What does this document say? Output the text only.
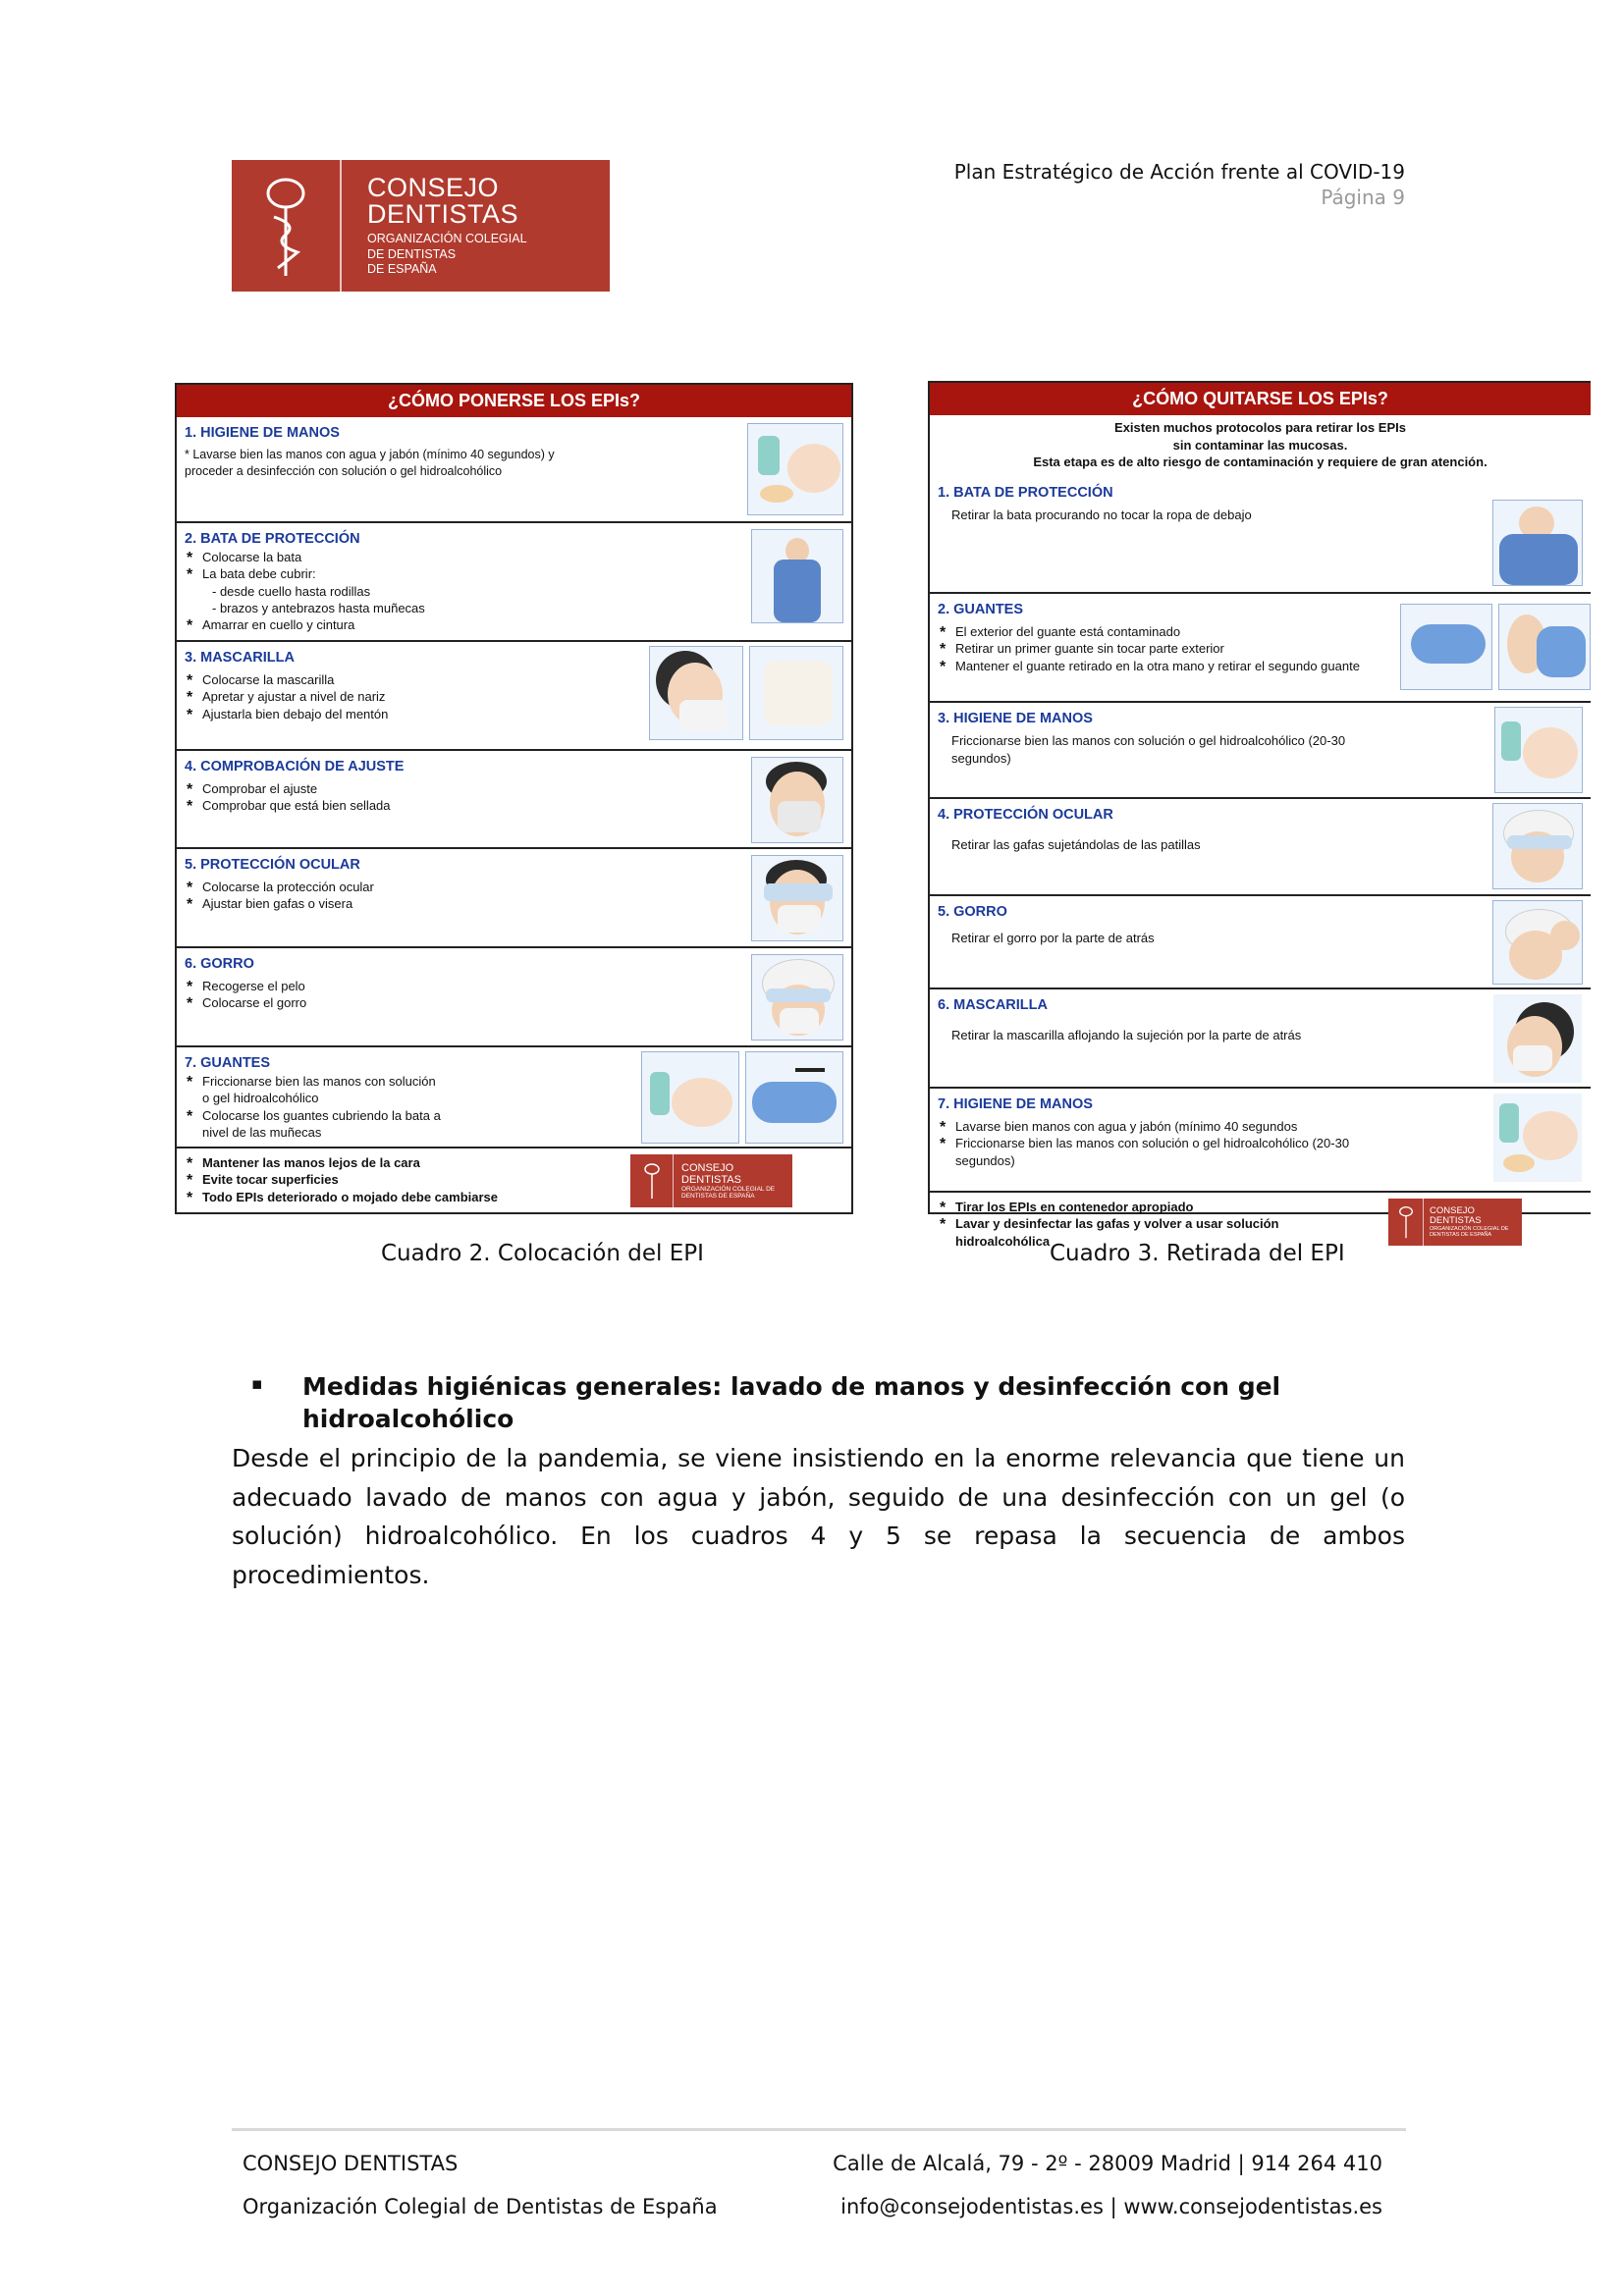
CONSEJO
DENTISTAS
ORGANIZACIÓN COLEGIAL
DE DENTISTAS
DE ESPAÑA
Plan Estratégico de Acción frente al COVID-19
Página 9
¿CÓMO PONERSE LOS EPIs?
1. HIGIENE DE MANOS
* Lavarse bien las manos con agua y jabón (mínimo 40 segundos) y proceder a desinfección con solución o gel hidroalcohólico
2. BATA DE PROTECCIÓN
* Colocarse la bata
* La bata debe cubrir:
- desde cuello hasta rodillas
- brazos y antebrazos hasta muñecas
* Amarrar en cuello y cintura
3. MASCARILLA
* Colocarse la mascarilla
* Apretar y ajustar a nivel de nariz
* Ajustarla bien debajo del mentón
4. COMPROBACIÓN DE AJUSTE
* Comprobar el ajuste
* Comprobar que está bien sellada
5. PROTECCIÓN OCULAR
* Colocarse la protección ocular
* Ajustar bien gafas o visera
6. GORRO
* Recogerse el pelo
* Colocarse el gorro
7. GUANTES
* Friccionarse bien las manos con solución
o gel hidroalcohólico
* Colocarse los guantes cubriendo la bata a
nivel de las muñecas
* Mantener las manos lejos de la cara
* Evite tocar superficies
* Todo EPIs deteriorado o mojado debe cambiarse
CONSEJO
DENTISTAS
ORGANIZACIÓN COLEGIAL DE DENTISTAS DE ESPAÑA
¿CÓMO QUITARSE LOS EPIs?
Existen muchos protocolos para retirar los EPIs
sin contaminar las mucosas.
Esta etapa es de alto riesgo de contaminación y requiere de gran atención.
1. BATA DE PROTECCIÓN
Retirar la bata procurando no tocar la ropa de debajo
2. GUANTES
* El exterior del guante está contaminado
* Retirar un primer guante sin tocar parte exterior
* Mantener el guante retirado en la otra mano y retirar el segundo guante
3. HIGIENE DE MANOS
Friccionarse bien las manos con solución o gel hidroalcohólico (20-30 segundos)
4. PROTECCIÓN OCULAR
Retirar las gafas sujetándolas de las patillas
5. GORRO
Retirar el gorro por la parte de atrás
6. MASCARILLA
Retirar la mascarilla aflojando la sujeción por la parte de atrás
7. HIGIENE DE MANOS
* Lavarse bien manos con agua y jabón (mínimo 40 segundos
* Friccionarse bien las manos con solución o gel hidroalcohólico (20-30 segundos)
* Tirar los EPIs en contenedor apropiado
* Lavar y desinfectar las gafas y volver a usar solución hidroalcohólica
CONSEJO
DENTISTAS
ORGANIZACIÓN COLEGIAL DE DENTISTAS DE ESPAÑA
Cuadro 2. Colocación del EPI	Cuadro 3. Retirada del EPI
▪ Medidas higiénicas generales: lavado de manos y desinfección con gel hidroalcohólico
Desde el principio de la pandemia, se viene insistiendo en la enorme relevancia que tiene un adecuado lavado de manos con agua y jabón, seguido de una desinfección con un gel (o solución) hidroalcohólico. En los cuadros 4 y 5 se repasa la secuencia de ambos procedimientos.
CONSEJO DENTISTAS
Organización Colegial de Dentistas de España
Calle de Alcalá, 79 - 2º - 28009 Madrid | 914 264 410
info@consejodentistas.es | www.consejodentistas.es
